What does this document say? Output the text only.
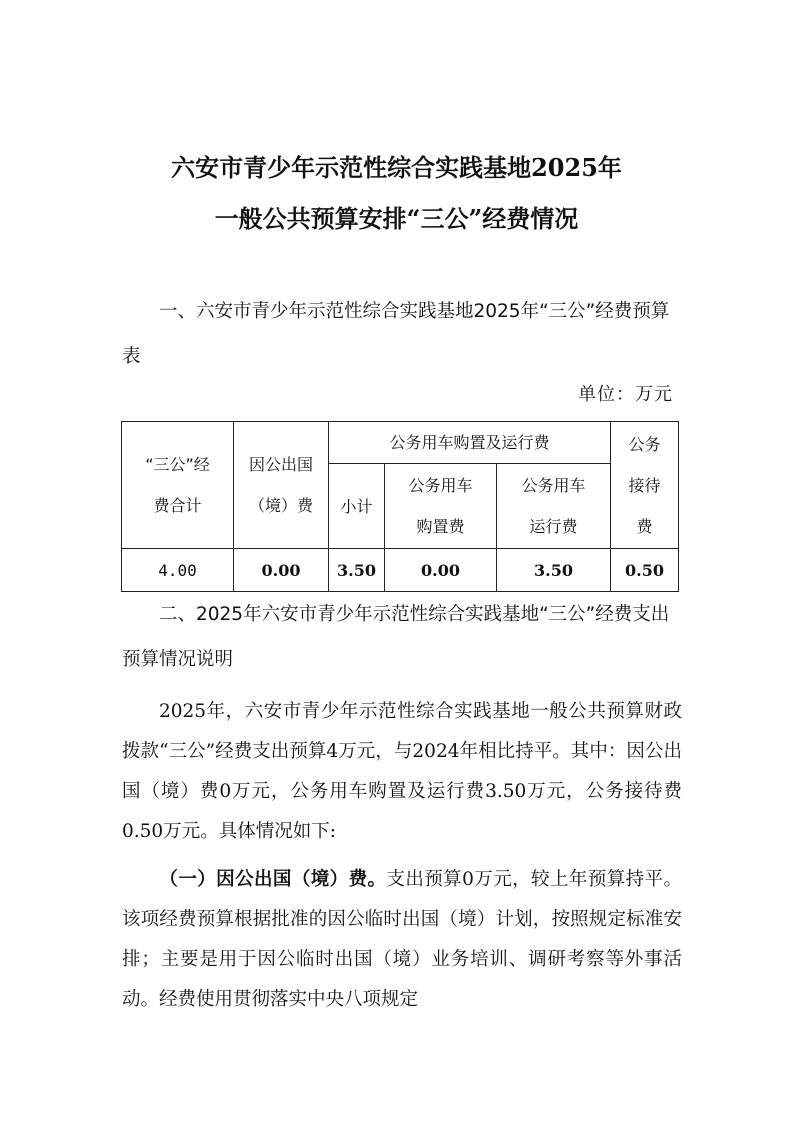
六安市青少年示范性综合实践基地2025年
一般公共预算安排“三公”经费情况
一、六安市青少年示范性综合实践基地2025年“三公”经费预算表
单位：万元
“三公”经费合计	因公出国（境）费	公务用车购置及运行费			公务接待费
		小计	公务用车购置费	公务用车运行费	
4.00	0.00	3.50	0.00	3.50	0.50
二、2025年六安市青少年示范性综合实践基地“三公”经费支出预算情况说明
2025年，六安市青少年示范性综合实践基地一般公共预算财政拨款“三公”经费支出预算4万元，与2024年相比持平。其中：因公出国（境）费0万元，公务用车购置及运行费3.50万元，公务接待费0.50万元。具体情况如下:
（一）因公出国（境）费。支出预算0万元，较上年预算持平。该项经费预算根据批准的因公临时出国（境）计划，按照规定标准安排；主要是用于因公临时出国（境）业务培训、调研考察等外事活动。经费使用贯彻落实中央八项规定
